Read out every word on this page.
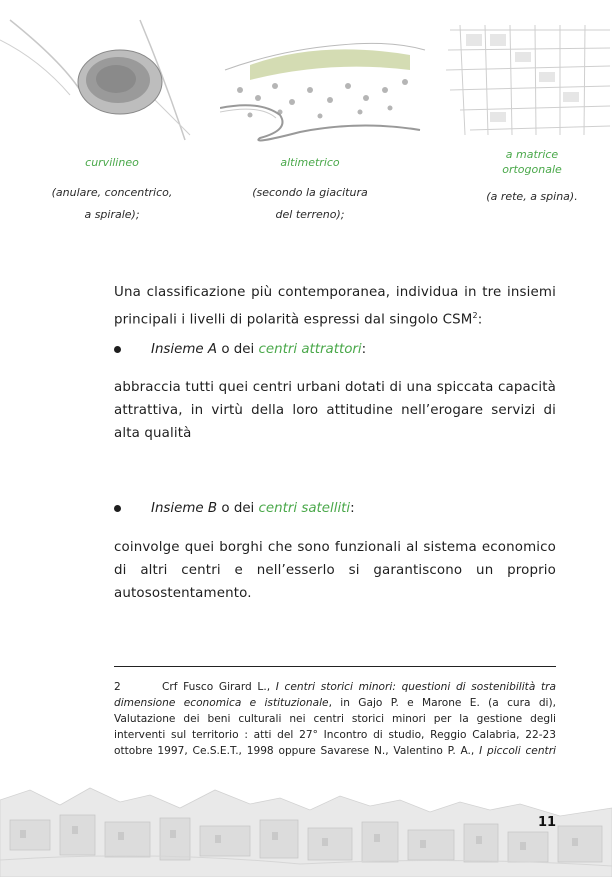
curvilineo
(anulare, concentrico,
a spirale);
altimetrico
(secondo la giacitura
del terreno);
a matrice
ortogonale
(a rete, a spina).

Una classificazione più contemporanea, individua in tre insiemi principali i livelli di polarità espressi dal singolo CSM$^2$:

Insieme A o dei centri attrattori:

abbraccia tutti quei centri urbani dotati di una spiccata capacità attrattiva, in virtù della loro attitudine nell’erogare servizi di alta qualità

Insieme B o dei centri satelliti:

coinvolge quei borghi che sono funzionali al sistema economico di altri centri e nell’esserlo si garantiscono un proprio autosostentamento.

2	Crf Fusco Girard L., I centri storici minori: questioni di sostenibilità tra dimensione economica e istituzionale, in Gajo P. e Marone E. (a cura di), Valutazione dei beni culturali nei centri storici minori per la gestione degli interventi sul territorio : atti del 27° Incontro di studio, Reggio Calabria, 22-23 ottobre 1997, Ce.S.E.T., 1998 oppure Savarese N., Valentino P. A., I piccoli centri

11
